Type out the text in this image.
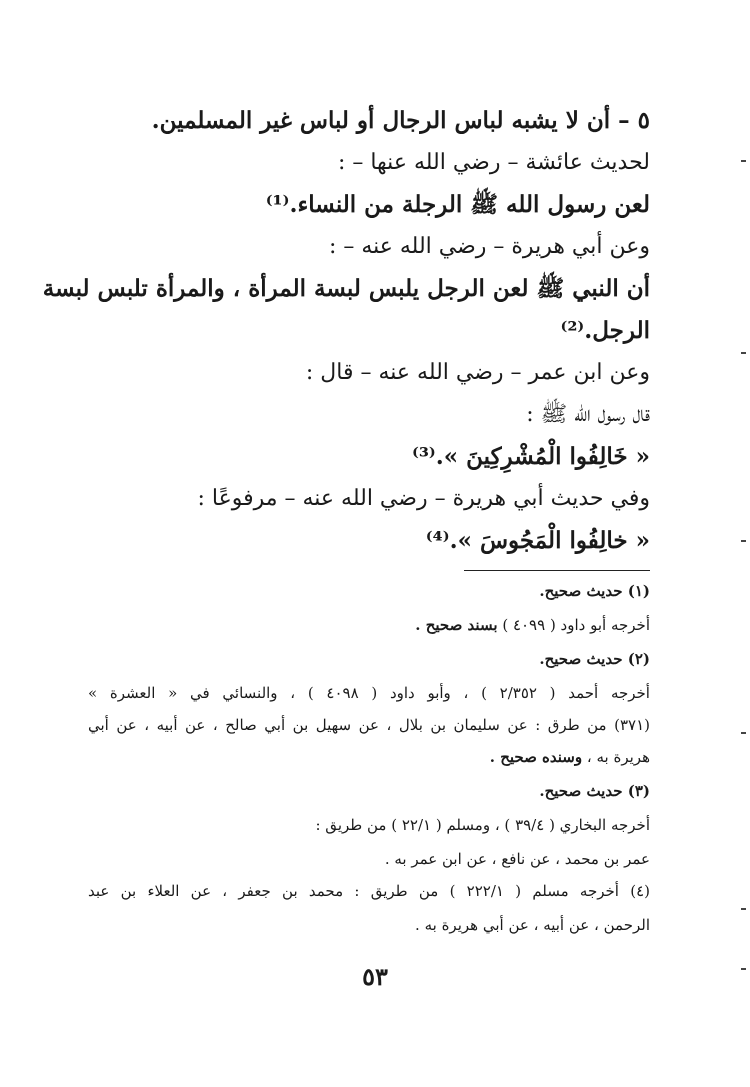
٥ – أن لا يشبه لباس الرجال أو لباس غير المسلمين.
لحديث عائشة – رضي الله عنها – :
لعن رسول الله ﷺ الرجلة من النساء.⁽¹⁾
وعن أبي هريرة – رضي الله عنه – :
أن النبي ﷺ لعن الرجل يلبس لبسة المرأة ، والمرأة تلبس لبسة
الرجل.⁽²⁾
وعن ابن عمر – رضي الله عنه – قال :
قال رسول الله ﷺ :
« خَالِفُوا الْمُشْرِكِينَ ».⁽³⁾
وفي حديث أبي هريرة – رضي الله عنه – مرفوعًا :
« خالِفُوا الْمَجُوسَ ».⁽⁴⁾
(١) حديث صحيح.
أخرجه أبو داود ( ٤٠٩٩ ) بسند صحيح .
(٢) حديث صحيح.
أخرجه أحمد ( ٢/٣٥٢ ) ، وأبو داود ( ٤٠٩٨ ) ، والنسائي في « العشرة »
(٣٧١) من طرق : عن سليمان بن بلال ، عن سهيل بن أبي صالح ، عن أبيه ، عن أبي
هريرة به ، وسنده صحيح .
(٣) حديث صحيح.
أخرجه البخاري ( ٣٩/٤ ) ، ومسلم ( ٢٢/١ ) من طريق :
عمر بن محمد ، عن نافع ، عن ابن عمر به .
(٤) أخرجه مسلم ( ٢٢٢/١ ) من طريق : محمد بن جعفر ، عن العلاء بن عبد
الرحمن ، عن أبيه ، عن أبي هريرة به .
٥٣
